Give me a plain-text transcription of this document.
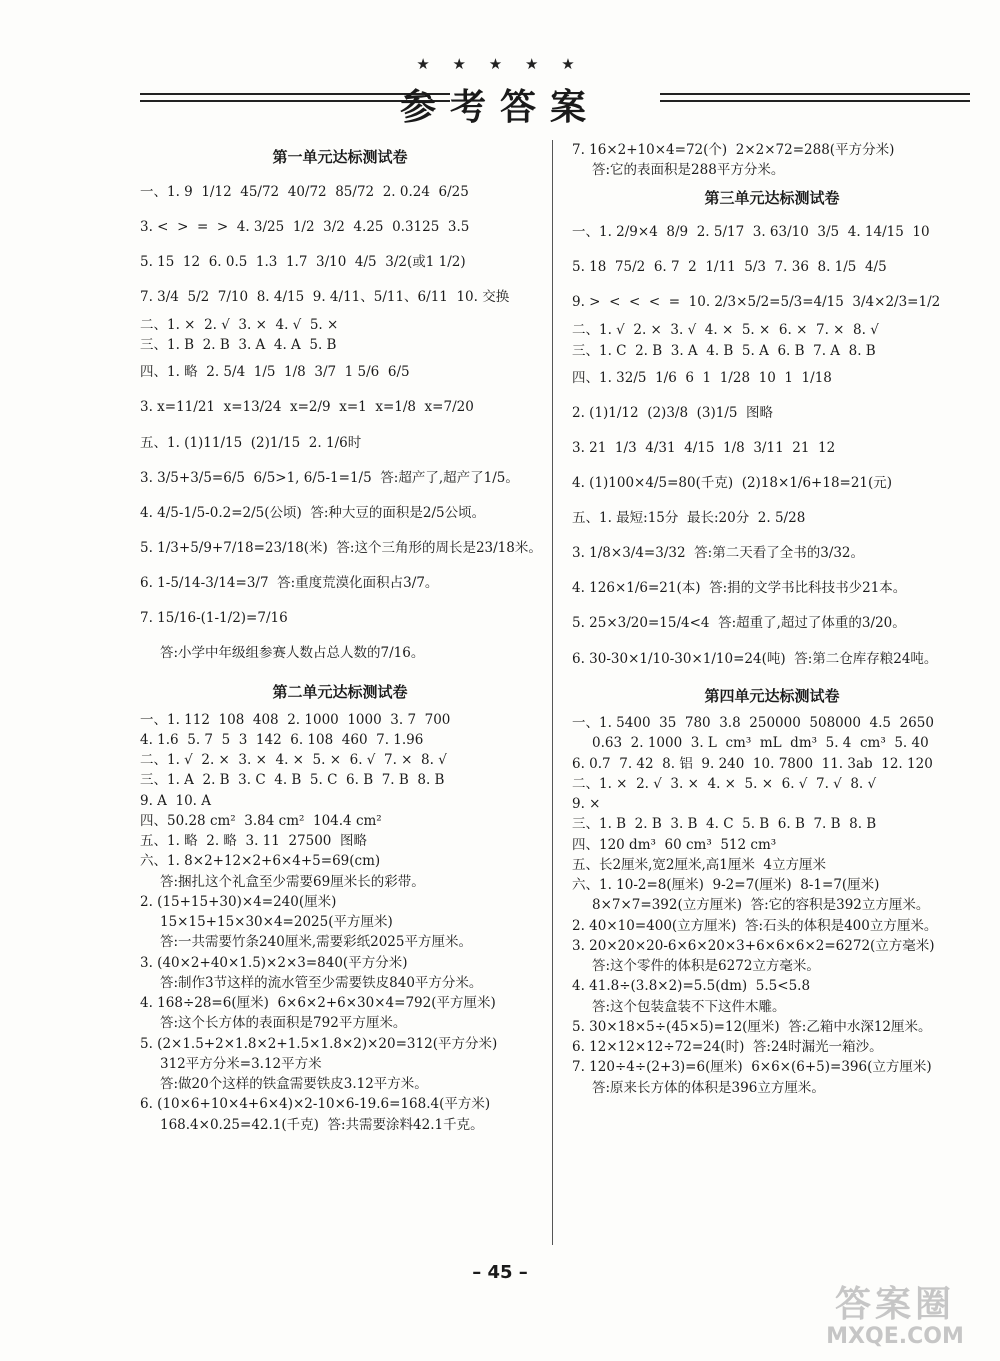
★ ★ ★ ★ ★
参考答案
第一单元达标测试卷

一、1. 9  1/12  45/72  40/72  85/72  2. 0.24  6/25

3. <  >  =  >  4. 3/25  1/2  3/2  4.25  0.3125  3.5

5. 15  12  6. 0.5  1.3  1.7  3/10  4/5  3/2(或1 1/2)

7. 3/4  5/2  7/10  8. 4/15  9. 4/11、5/11、6/11  10. 交换

二、1. ×  2. √  3. ×  4. √  5. ×

三、1. B  2. B  3. A  4. A  5. B

四、1. 略  2. 5/4  1/5  1/8  3/7  1 5/6  6/5

3. x=11/21  x=13/24  x=2/9  x=1  x=1/8  x=7/20

五、1. (1)11/15  (2)1/15  2. 1/6时

3. 3/5+3/5=6/5  6/5>1, 6/5-1=1/5  答:超产了,超产了1/5。

4. 4/5-1/5-0.2=2/5(公顷)  答:种大豆的面积是2/5公顷。

5. 1/3+5/9+7/18=23/18(米)  答:这个三角形的周长是23/18米。

6. 1-5/14-3/14=3/7  答:重度荒漠化面积占3/7。

7. 15/16-(1-1/2)=7/16

答:小学中年级组参赛人数占总人数的7/16。

第二单元达标测试卷

一、1. 112  108  408  2. 1000  1000  3. 7  700

4. 1.6  5. 7  5  3  142  6. 108  460  7. 1.96

二、1. √  2. ×  3. ×  4. ×  5. ×  6. √  7. ×  8. √

三、1. A  2. B  3. C  4. B  5. C  6. B  7. B  8. B

9. A  10. A

四、50.28 cm²  3.84 cm²  104.4 cm²

五、1. 略  2. 略  3. 11  27500  图略

六、1. 8×2+12×2+6×4+5=69(cm)

答:捆扎这个礼盒至少需要69厘米长的彩带。

2. (15+15+30)×4=240(厘米)

15×15+15×30×4=2025(平方厘米)

答:一共需要竹条240厘米,需要彩纸2025平方厘米。

3. (40×2+40×1.5)×2×3=840(平方分米)

答:制作3节这样的流水管至少需要铁皮840平方分米。

4. 168÷28=6(厘米)  6×6×2+6×30×4=792(平方厘米)

答:这个长方体的表面积是792平方厘米。

5. (2×1.5+2×1.8×2+1.5×1.8×2)×20=312(平方分米)

312平方分米=3.12平方米

答:做20个这样的铁盒需要铁皮3.12平方米。

6. (10×6+10×4+6×4)×2-10×6-19.6=168.4(平方米)

168.4×0.25=42.1(千克)  答:共需要涂料42.1千克。

7. 16×2+10×4=72(个)  2×2×72=288(平方分米)

答:它的表面积是288平方分米。

第三单元达标测试卷

一、1. 2/9×4  8/9  2. 5/17  3. 63/10  3/5  4. 14/15  10

5. 18  75/2  6. 7  2  1/11  5/3  7. 36  8. 1/5  4/5

9. >  <  <  <  =  10. 2/3×5/2=5/3=4/15  3/4×2/3=1/2

二、1. √  2. ×  3. √  4. ×  5. ×  6. ×  7. ×  8. √

三、1. C  2. B  3. A  4. B  5. A  6. B  7. A  8. B

四、1. 32/5  1/6  6  1  1/28  10  1  1/18

2. (1)1/12  (2)3/8  (3)1/5  图略

3. 21  1/3  4/31  4/15  1/8  3/11  21  12

4. (1)100×4/5=80(千克)  (2)18×1/6+18=21(元)

五、1. 最短:15分  最长:20分  2. 5/28

3. 1/8×3/4=3/32  答:第二天看了全书的3/32。

4. 126×1/6=21(本)  答:捐的文学书比科技书少21本。

5. 25×3/20=15/4<4  答:超重了,超过了体重的3/20。

6. 30-30×1/10-30×1/10=24(吨)  答:第二仓库存粮24吨。

第四单元达标测试卷

一、1. 5400  35  780  3.8  250000  508000  4.5  2650

0.63  2. 1000  3. L  cm³  mL  dm³  5. 4  cm³  5. 40

6. 0.7  7. 42  8. 铝  9. 240  10. 7800  11. 3ab  12. 120

二、1. ×  2. √  3. ×  4. ×  5. ×  6. √  7. √  8. √

9. ×

三、1. B  2. B  3. B  4. C  5. B  6. B  7. B  8. B

四、120 dm³  60 cm³  512 cm³

五、长2厘米,宽2厘米,高1厘米  4立方厘米

六、1. 10-2=8(厘米)  9-2=7(厘米)  8-1=7(厘米)

8×7×7=392(立方厘米)  答:它的容积是392立方厘米。

2. 40×10=400(立方厘米)  答:石头的体积是400立方厘米。

3. 20×20×20-6×6×20×3+6×6×6×2=6272(立方毫米)

答:这个零件的体积是6272立方毫米。

4. 41.8÷(3.8×2)=5.5(dm)  5.5<5.8

答:这个包装盒装不下这件木雕。

5. 30×18×5÷(45×5)=12(厘米)  答:乙箱中水深12厘米。

6. 12×12×12÷72=24(时)  答:24时漏光一箱沙。

7. 120÷4÷(2+3)=6(厘米)  6×6×(6+5)=396(立方厘米)

答:原来长方体的体积是396立方厘米。

– 45 –
答案圈
MXQE.COM
